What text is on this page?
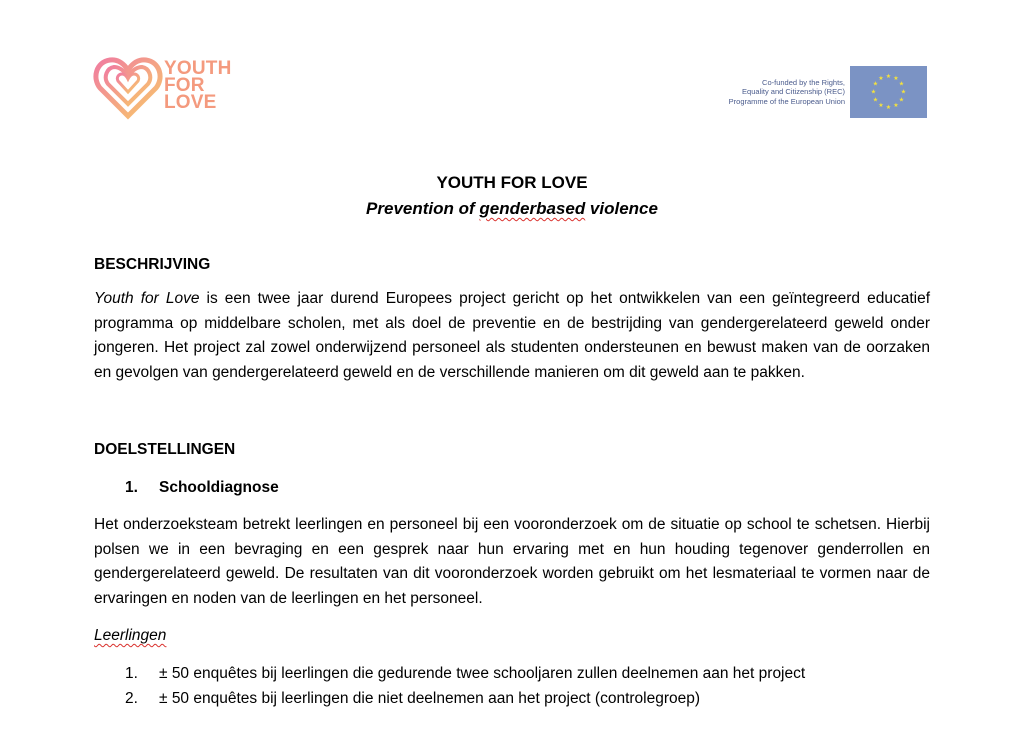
YOUTH
FOR
LOVE
Co-funded by the Rights,
Equality and Citizenship (REC)
Programme of the European Union
★ ★
★
★
★
★
★
★
★
★
★
★
YOUTH FOR LOVE
Prevention of genderbased violence
BESCHRIJVING
Youth for Love is een twee jaar durend Europees project gericht op het ontwikkelen van een geïntegreerd educatief programma op middelbare scholen, met als doel de preventie en de bestrijding van gendergerelateerd geweld onder jongeren. Het project zal zowel onderwijzend personeel als studenten ondersteunen en bewust maken van de oorzaken en gevolgen van gendergerelateerd geweld en de verschillende manieren om dit geweld aan te pakken.
DOELSTELLINGEN
1.	Schooldiagnose
Het onderzoeksteam betrekt leerlingen en personeel bij een vooronderzoek om de situatie op school te schetsen. Hierbij polsen we in een bevraging en een gesprek naar hun ervaring met en hun houding tegenover genderrollen en gendergerelateerd geweld. De resultaten van dit vooronderzoek worden gebruikt om het lesmateriaal te vormen naar de ervaringen en noden van de leerlingen en het personeel.
Leerlingen
1.	± 50 enquêtes bij leerlingen die gedurende twee schooljaren zullen deelnemen aan het project
2.	± 50 enquêtes bij leerlingen die niet deelnemen aan het project (controlegroep)
